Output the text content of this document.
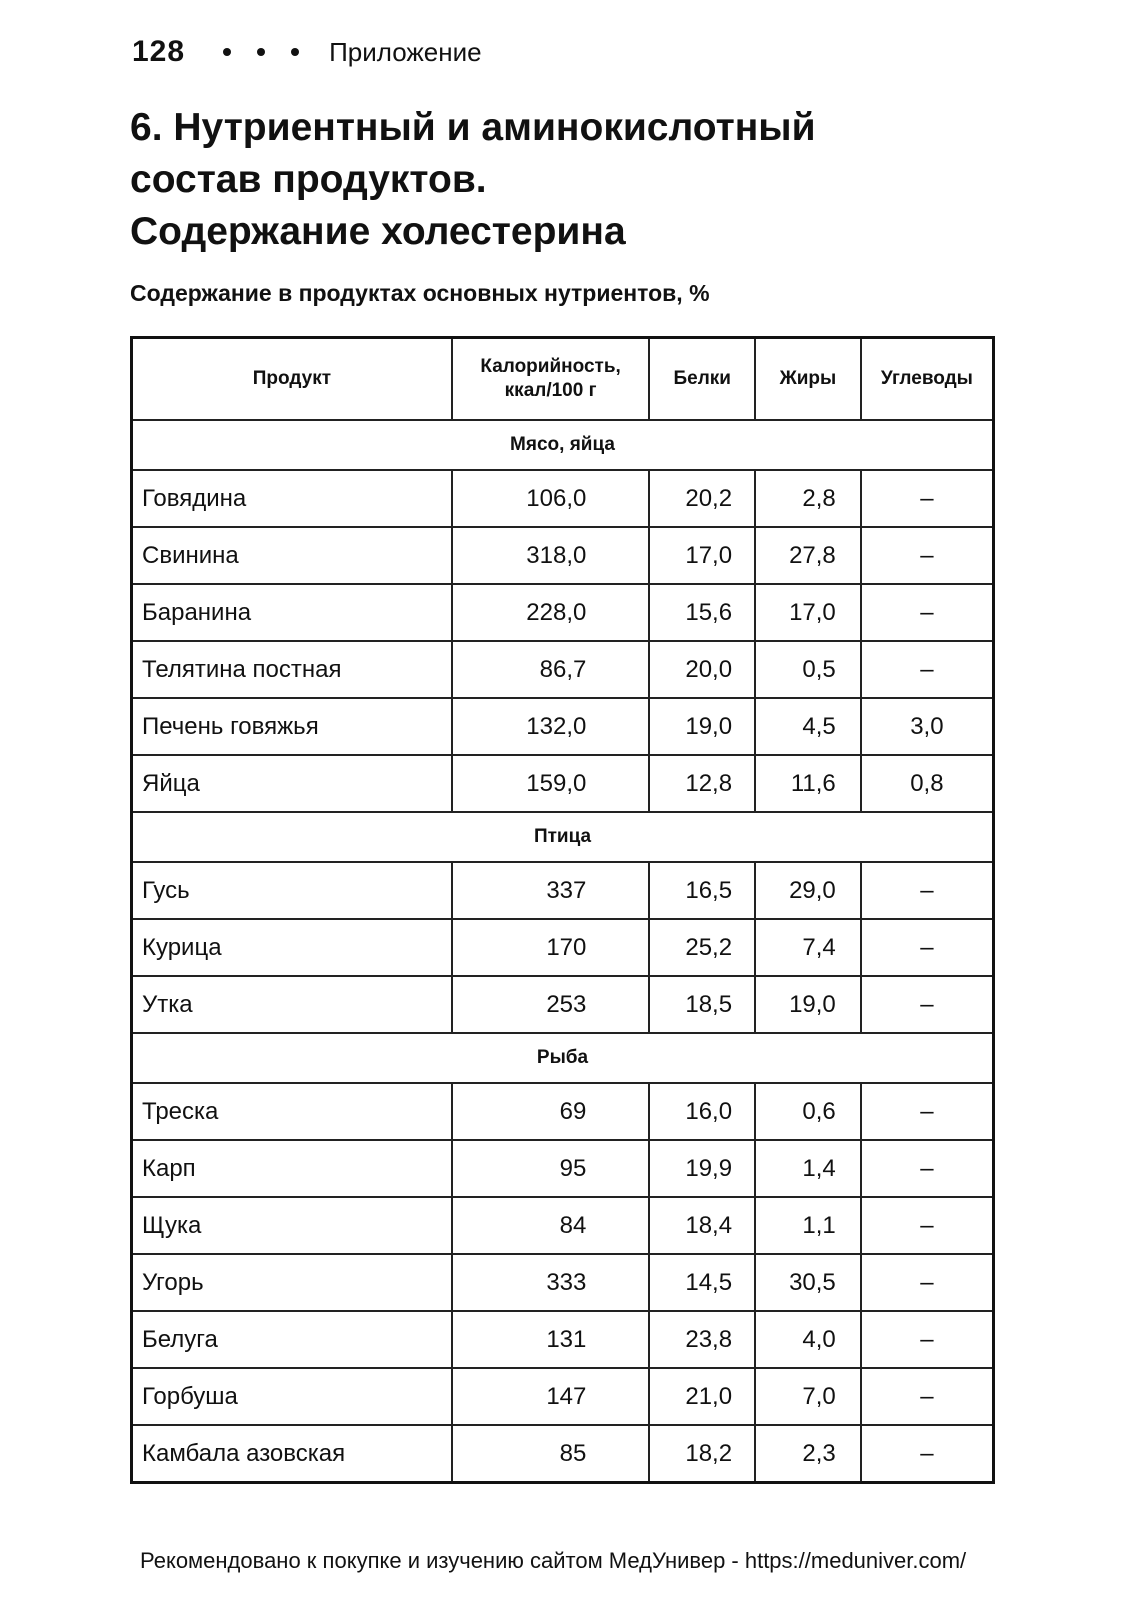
128	Приложение
6. Нутриентный и аминокислотный
состав продуктов.
Содержание холестерина
Содержание в продуктах основных нутриентов, %
Продукт	Калорийность, ккал/100 г	Белки	Жиры	Углеводы
Мясо, яйца				
Говядина	106,0	20,2	2,8	–
Свинина	318,0	17,0	27,8	–
Баранина	228,0	15,6	17,0	–
Телятина постная	86,7	20,0	0,5	–
Печень говяжья	132,0	19,0	4,5	3,0
Яйца	159,0	12,8	11,6	0,8
Птица				
Гусь	337	16,5	29,0	–
Курица	170	25,2	7,4	–
Утка	253	18,5	19,0	–
Рыба				
Треска	69	16,0	0,6	–
Карп	95	19,9	1,4	–
Щука	84	18,4	1,1	–
Угорь	333	14,5	30,5	–
Белуга	131	23,8	4,0	–
Горбуша	147	21,0	7,0	–
Камбала азовская	85	18,2	2,3	–
Рекомендовано к покупке и изучению сайтом МедУнивер - https://meduniver.com/
